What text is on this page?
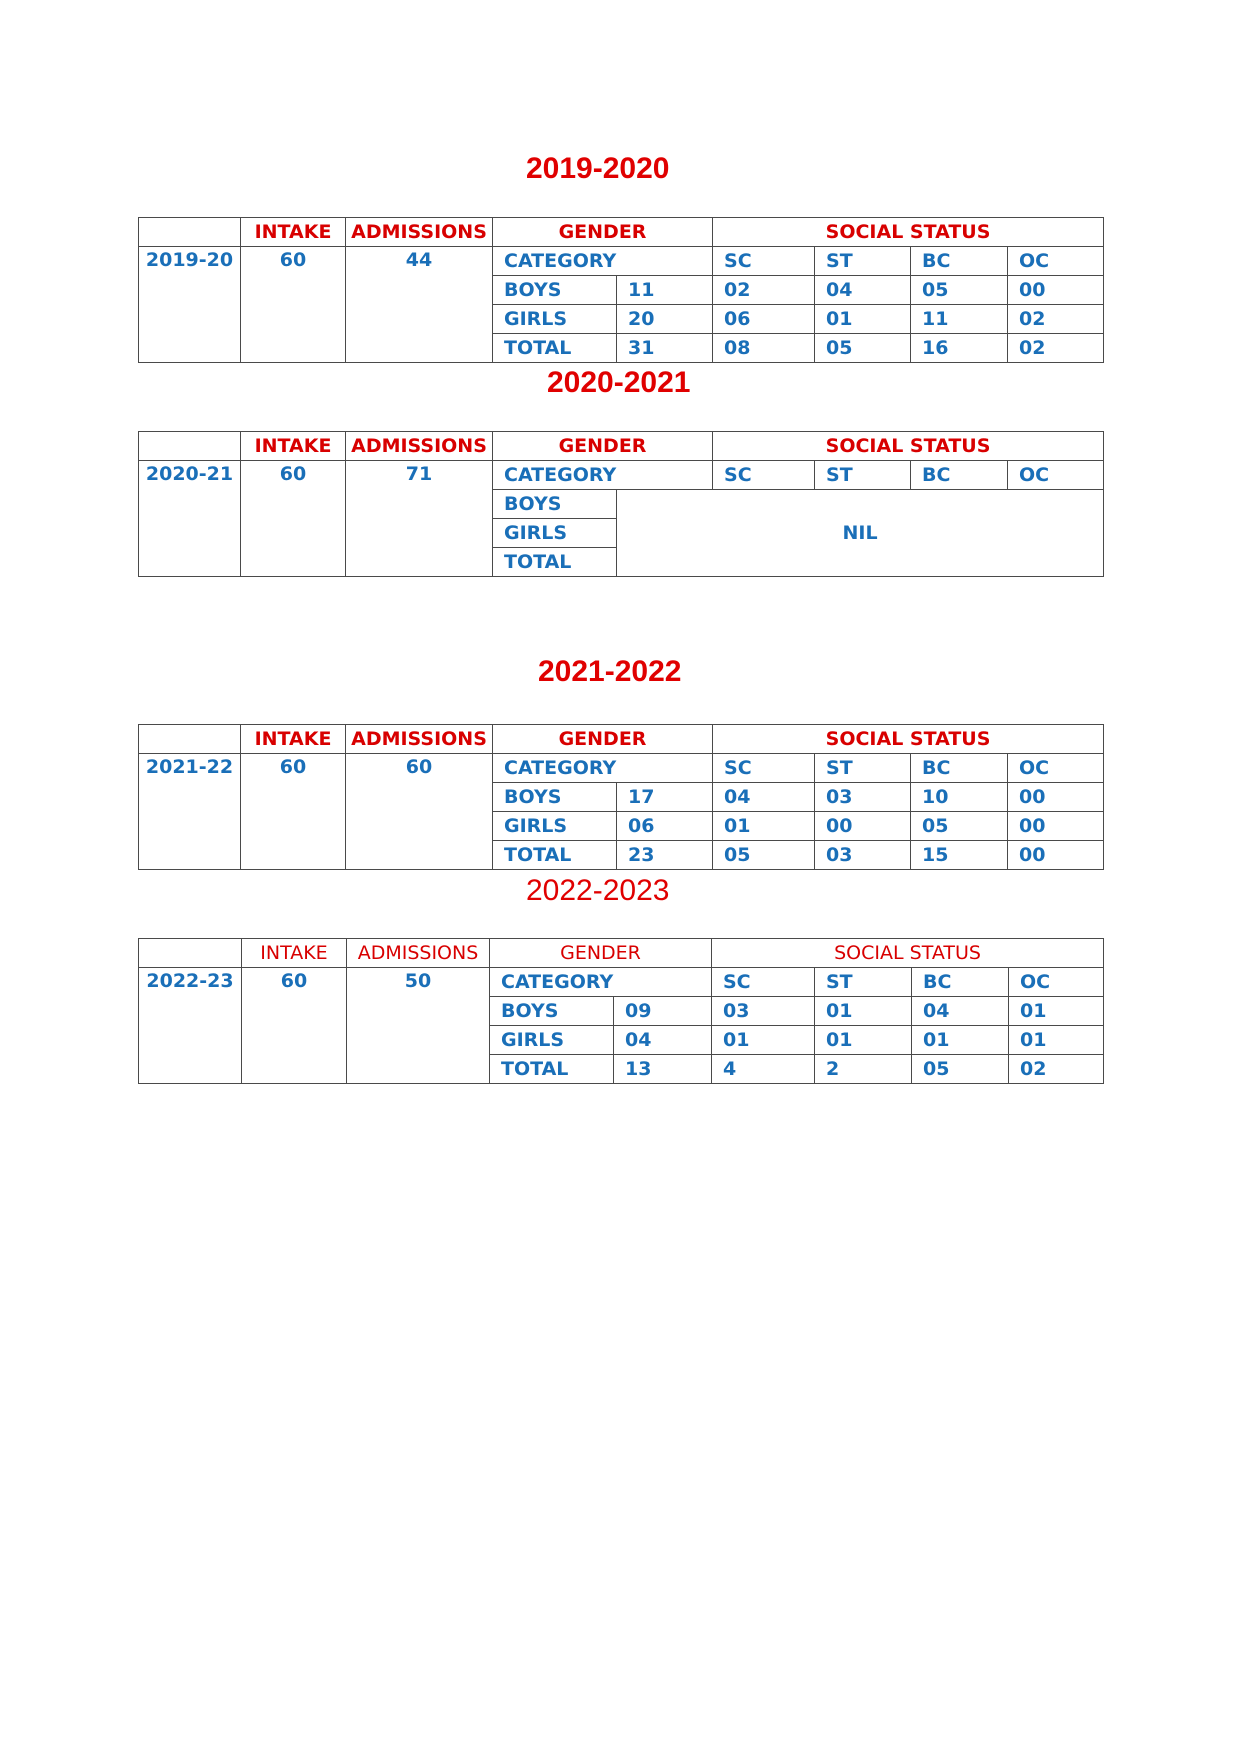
2019-2020
	INTAKE	ADMISSIONS	GENDER		SOCIAL STATUS			
2019-20	60	44	CATEGORY		SC	ST	BC	OC
			BOYS	11	02	04	05	00
			GIRLS	20	06	01	11	02
			TOTAL	31	08	05	16	02
2020-2021
	INTAKE	ADMISSIONS	GENDER		SOCIAL STATUS			
2020-21	60	71	CATEGORY		SC	ST	BC	OC
			BOYS	NIL				
			GIRLS					
			TOTAL					
2021-2022
	INTAKE	ADMISSIONS	GENDER		SOCIAL STATUS			
2021-22	60	60	CATEGORY		SC	ST	BC	OC
			BOYS	17	04	03	10	00
			GIRLS	06	01	00	05	00
			TOTAL	23	05	03	15	00
2022-2023
	INTAKE	ADMISSIONS	GENDER		SOCIAL STATUS			
2022-23	60	50	CATEGORY		SC	ST	BC	OC
			BOYS	09	03	01	04	01
			GIRLS	04	01	01	01	01
			TOTAL	13	4	2	05	02
